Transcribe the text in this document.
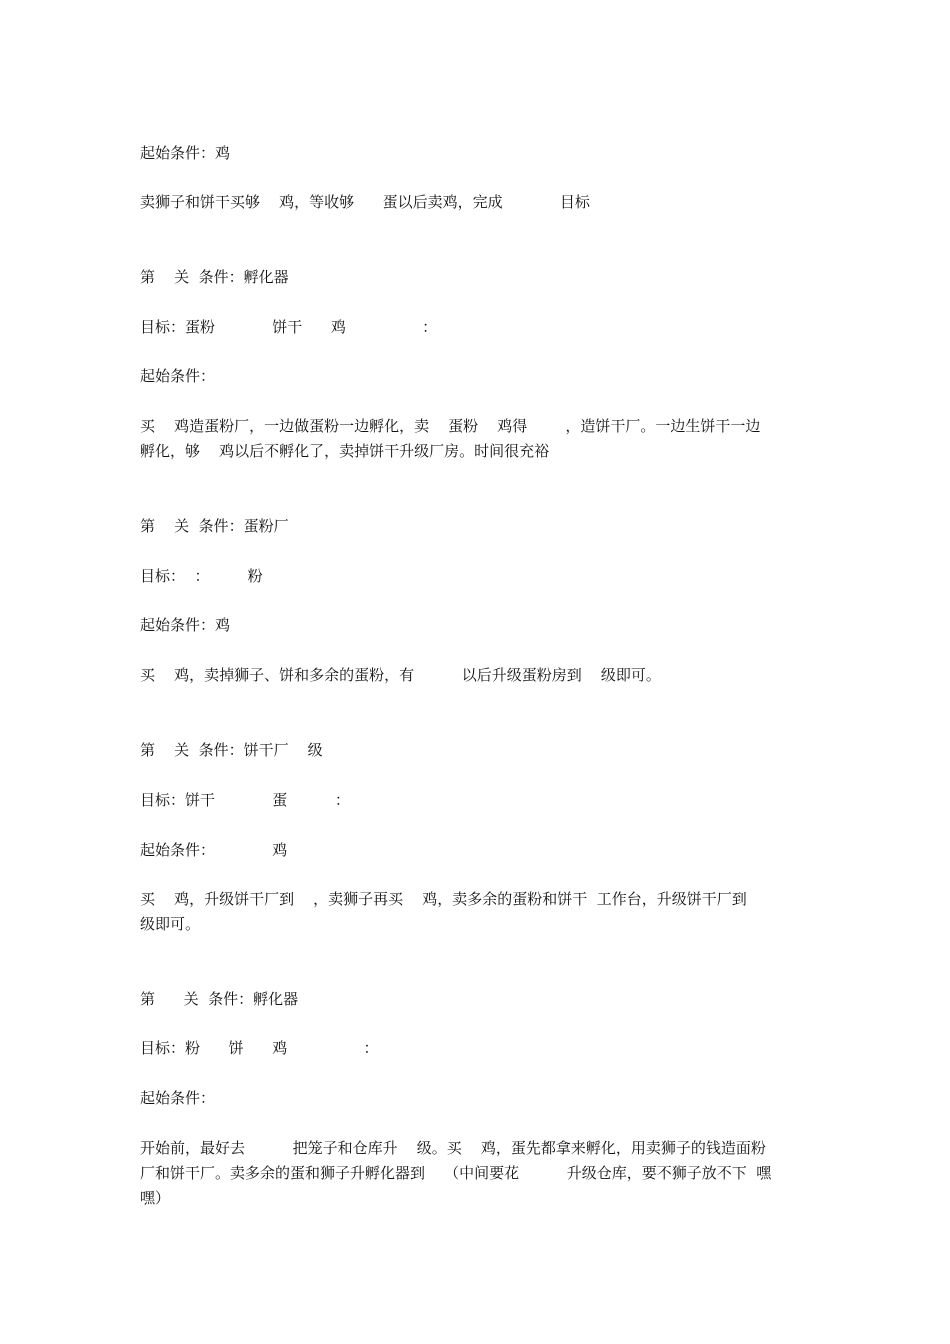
起始条件：鸡

卖狮子和饼干买够    鸡，等收够      蛋以后卖鸡，完成            目标

第    关  条件：孵化器

目标：蛋粉            饼干      鸡                ：

起始条件：

买    鸡造蛋粉厂，一边做蛋粉一边孵化，卖    蛋粉    鸡得        ，造饼干厂。一边生饼干一边

孵化，够    鸡以后不孵化了，卖掉饼干升级厂房。时间很充裕

第    关  条件：蛋粉厂

目标：  ：        粉

起始条件：鸡

买    鸡，卖掉狮子、饼和多余的蛋粉，有          以后升级蛋粉房到    级即可。

第    关  条件：饼干厂    级

目标：饼干            蛋          ：

起始条件：            鸡

买    鸡，升级饼干厂到    ，卖狮子再买    鸡，卖多余的蛋粉和饼干  工作台，升级饼干厂到

级即可。

第      关  条件：孵化器

目标：粉      饼      鸡                ：

起始条件：

开始前，最好去          把笼子和仓库升    级。买    鸡，蛋先都拿来孵化，用卖狮子的钱造面粉

厂和饼干厂。卖多余的蛋和狮子升孵化器到    （中间要花          升级仓库，要不狮子放不下  嘿

嘿）
